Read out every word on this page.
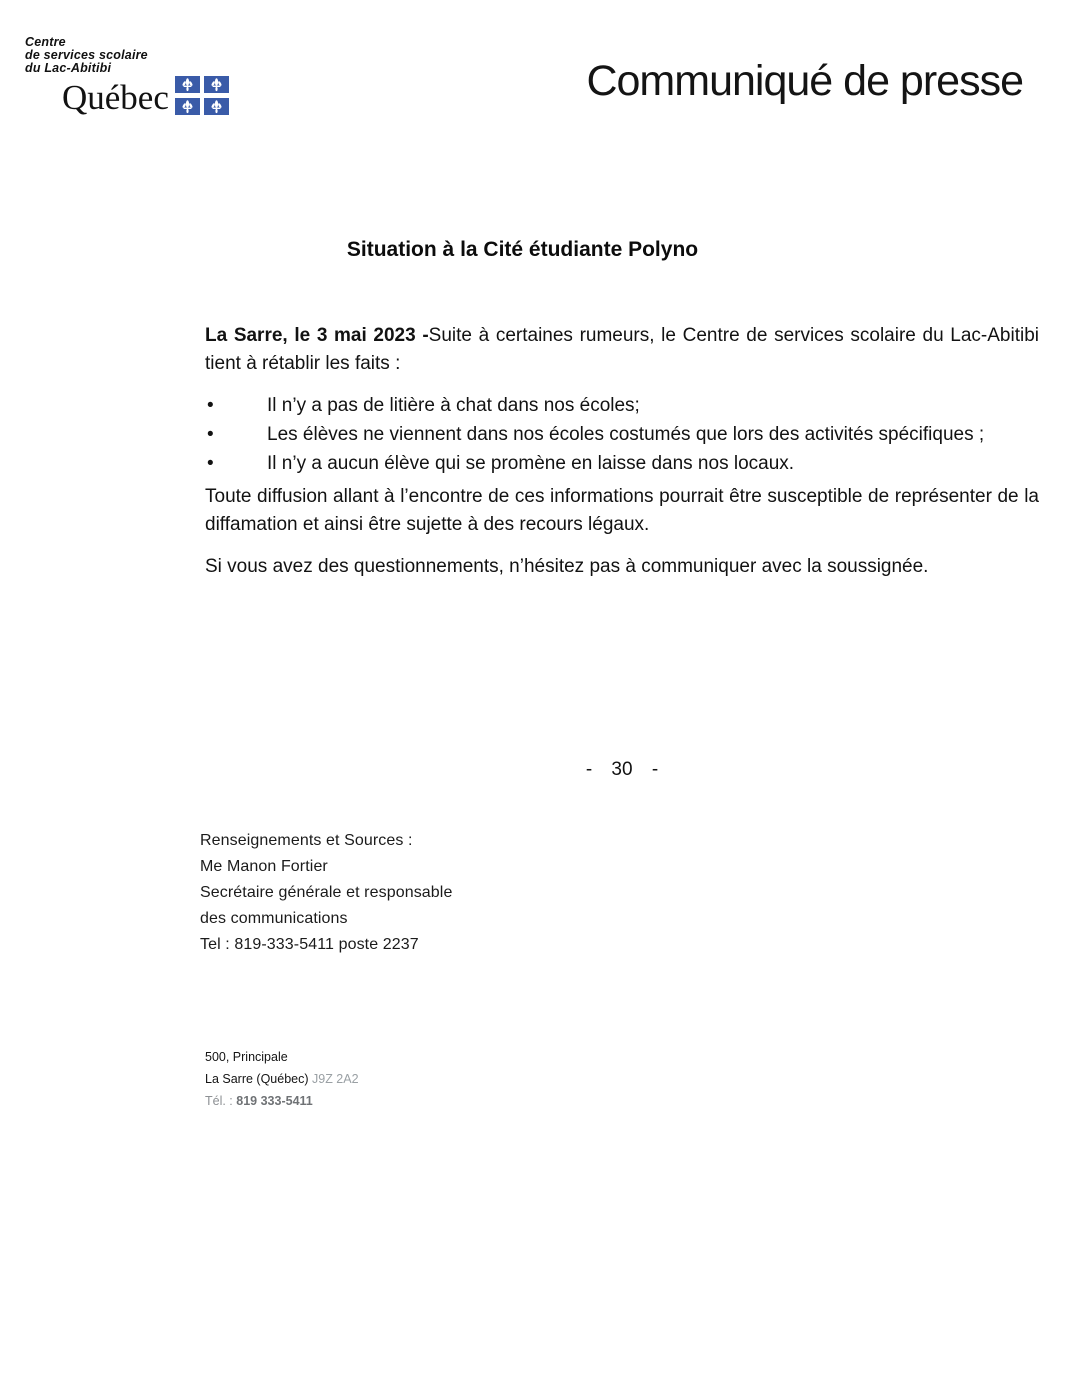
Centre
de services scolaire
du Lac-Abitibi
Québec	Communiqué de presse
Situation à la Cité étudiante Polyno

La Sarre, le 3 mai 2023 -Suite à certaines rumeurs, le Centre de services scolaire du Lac-Abitibi tient à rétablir les faits :

•	Il n’y a pas de litière à chat dans nos écoles;
•	Les élèves ne viennent dans nos écoles costumés que lors des activités spécifiques ;
•	Il n’y a aucun élève qui se promène en laisse dans nos locaux.

Toute diffusion allant à l’encontre de ces informations pourrait être susceptible de représenter de la diffamation et ainsi être sujette à des recours légaux.

Si vous avez des questionnements, n’hésitez pas à communiquer avec la soussignée.

- 30 -
Renseignements et Sources :
Me Manon Fortier
Secrétaire générale et responsable
des communications
Tel : 819-333-5411 poste 2237
500, Principale
La Sarre (Québec) J9Z 2A2
Tél. : 819 333-5411
